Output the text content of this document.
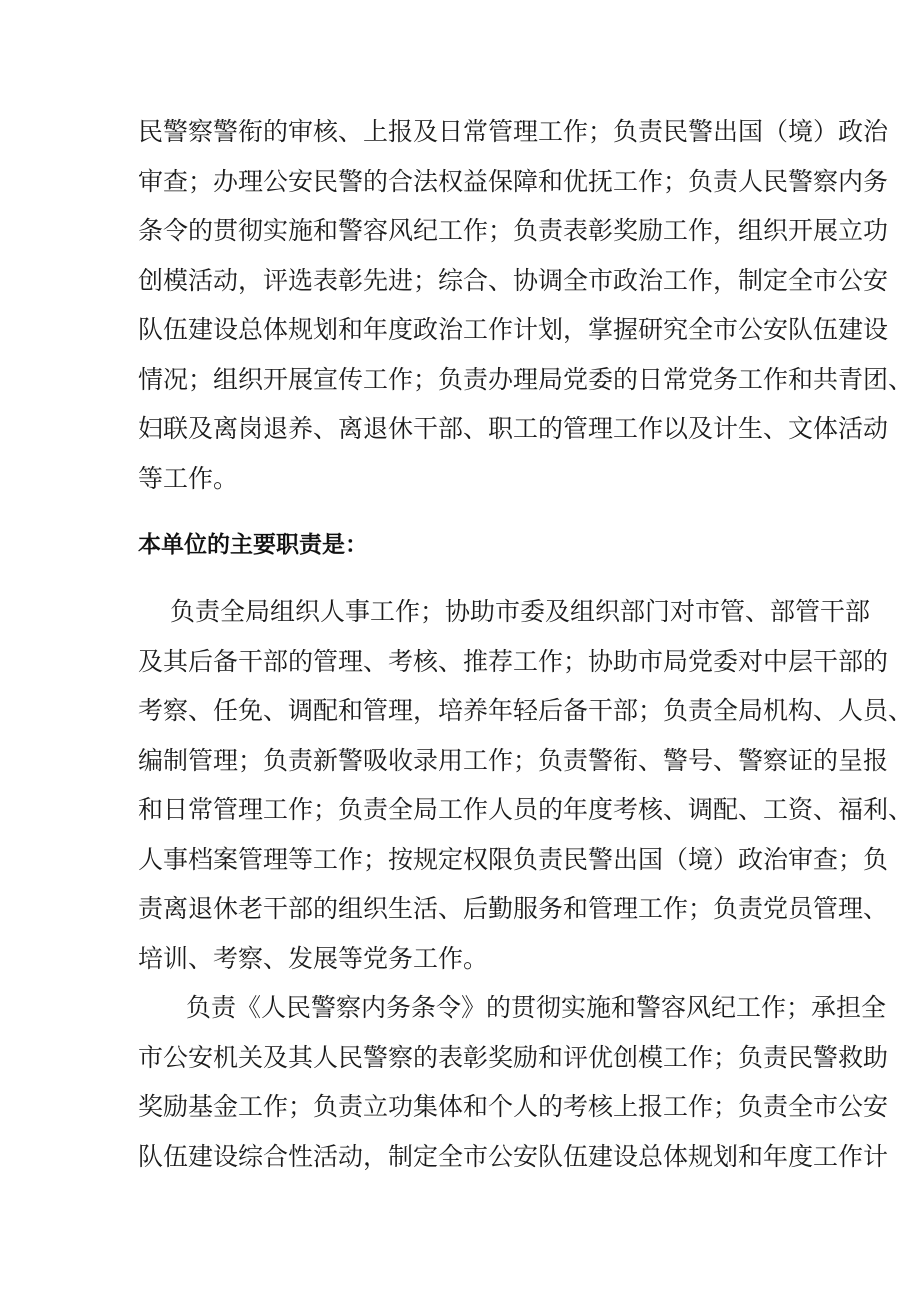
民警察警衔的审核、上报及日常管理工作；负责民警出国（境）政治

审查；办理公安民警的合法权益保障和优抚工作；负责人民警察内务

条令的贯彻实施和警容风纪工作；负责表彰奖励工作，组织开展立功

创模活动，评选表彰先进；综合、协调全市政治工作，制定全市公安

队伍建设总体规划和年度政治工作计划，掌握研究全市公安队伍建设

情况；组织开展宣传工作；负责办理局党委的日常党务工作和共青团、

妇联及离岗退养、离退休干部、职工的管理工作以及计生、文体活动

等工作。

本单位的主要职责是：

负责全局组织人事工作；协助市委及组织部门对市管、部管干部

及其后备干部的管理、考核、推荐工作；协助市局党委对中层干部的

考察、任免、调配和管理，培养年轻后备干部；负责全局机构、人员、

编制管理；负责新警吸收录用工作；负责警衔、警号、警察证的呈报

和日常管理工作；负责全局工作人员的年度考核、调配、工资、福利、

人事档案管理等工作；按规定权限负责民警出国（境）政治审查；负

责离退休老干部的组织生活、后勤服务和管理工作；负责党员管理、

培训、考察、发展等党务工作。

负责《人民警察内务条令》的贯彻实施和警容风纪工作；承担全

市公安机关及其人民警察的表彰奖励和评优创模工作；负责民警救助

奖励基金工作；负责立功集体和个人的考核上报工作；负责全市公安

队伍建设综合性活动，制定全市公安队伍建设总体规划和年度工作计
